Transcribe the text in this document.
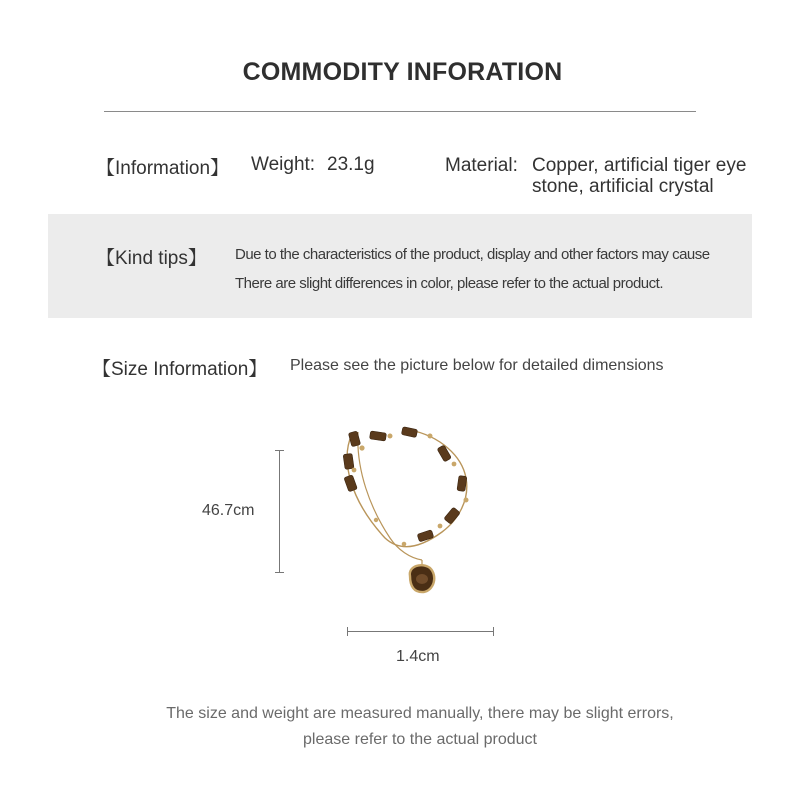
COMMODITY INFORATION
【Information】 Weight: 23.1g	Material: Copper, artificial tiger eye stone, artificial crystal
【Kind tips】 Due to the characteristics of the product, display and other factors may cause
There are slight differences in color, please refer to the actual product.
【Size Information】 Please see the picture below for detailed dimensions
46.7cm
1.4cm
The size and weight are measured manually, there may be slight errors,
please refer to the actual product
